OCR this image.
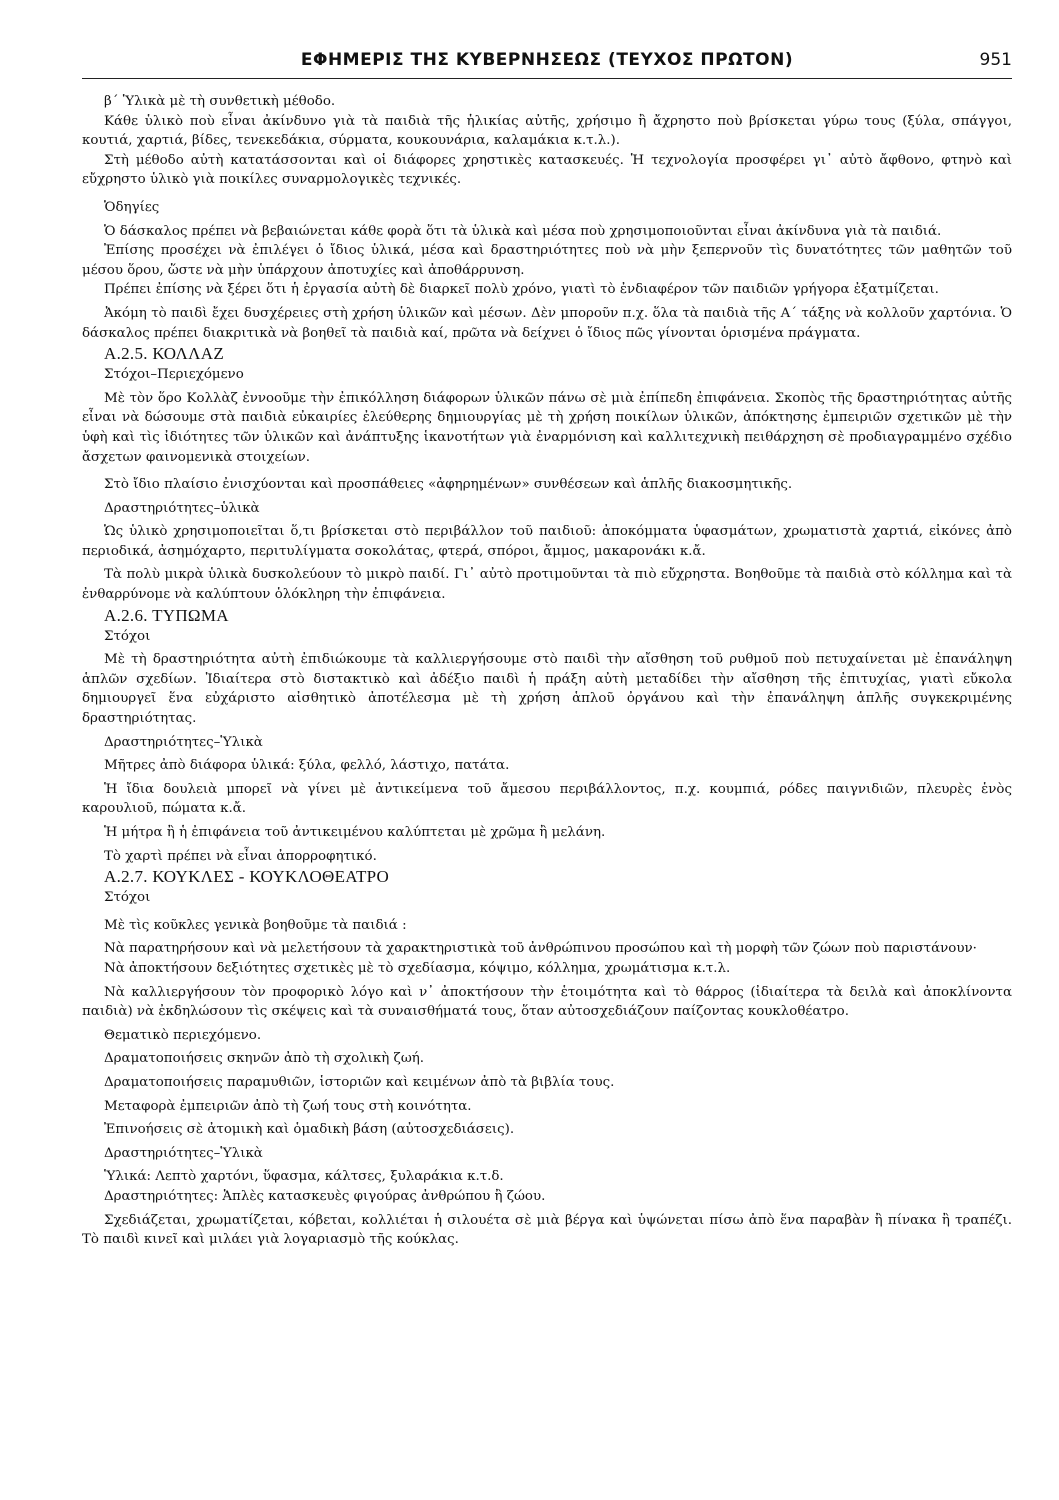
ΕΦΗΜΕΡΙΣ ΤΗΣ ΚΥΒΕΡΝΗΣΕΩΣ (ΤΕΥΧΟΣ ΠΡΩΤΟΝ)	951

β΄ Ὑλικὰ μὲ τὴ συνθετικὴ μέθοδο.

Κάθε ὑλικὸ ποὺ εἶναι ἀκίνδυνο γιὰ τὰ παιδιὰ τῆς ἡλικίας αὐτῆς, χρήσιμο ἢ ἄχρηστο ποὺ βρίσκεται γύρω τους (ξύλα, σπάγγοι, κουτιά, χαρτιά, βίδες, τενεκεδάκια, σύρματα, κουκουνάρια, καλαμάκια κ.τ.λ.).

Στὴ μέθοδο αὐτὴ κατατάσσονται καὶ οἱ διάφορες χρηστικὲς κατασκευές. Ἡ τεχνολογία προσφέρει γι᾿ αὐτὸ ἄφθονο, φτηνὸ καὶ εὔχρηστο ὑλικὸ γιὰ ποικίλες συναρμολογικὲς τεχνικές.

Ὁδηγίες

Ὁ δάσκαλος πρέπει νὰ βεβαιώνεται κάθε φορὰ ὅτι τὰ ὑλικὰ καὶ μέσα ποὺ χρησιμοποιοῦνται εἶναι ἀκίνδυνα γιὰ τὰ παιδιά.

Ἐπίσης προσέχει νὰ ἐπιλέγει ὁ ἴδιος ὑλικά, μέσα καὶ δραστηριότητες ποὺ νὰ μὴν ξεπερνοῦν τὶς δυνατότητες τῶν μαθητῶν τοῦ μέσου ὅρου, ὥστε νὰ μὴν ὑπάρχουν ἀποτυχίες καὶ ἀποθάρρυνση.

Πρέπει ἐπίσης νὰ ξέρει ὅτι ἡ ἐργασία αὐτὴ δὲ διαρκεῖ πολὺ χρόνο, γιατὶ τὸ ἐνδιαφέρον τῶν παιδιῶν γρήγορα ἐξατμίζεται.

Ἀκόμη τὸ παιδὶ ἔχει δυσχέρειες στὴ χρήση ὑλικῶν καὶ μέσων. Δὲν μποροῦν π.χ. ὅλα τὰ παιδιὰ τῆς Α΄ τάξης νὰ κολλοῦν χαρτόνια. Ὁ δάσκαλος πρέπει διακριτικὰ νὰ βοηθεῖ τὰ παιδιὰ καί, πρῶτα νὰ δείχνει ὁ ἴδιος πῶς γίνονται ὁρισμένα πράγματα.

Α.2.5. ΚΟΛΛΑΖ

Στόχοι–Περιεχόμενο

Μὲ τὸν ὅρο Κολλὰζ ἐννοοῦμε τὴν ἐπικόλληση διάφορων ὑλικῶν πάνω σὲ μιὰ ἐπίπεδη ἐπιφάνεια. Σκοπὸς τῆς δραστηριότητας αὐτῆς εἶναι νὰ δώσουμε στὰ παιδιὰ εὐκαιρίες ἐλεύθερης δημιουργίας μὲ τὴ χρήση ποικίλων ὑλικῶν, ἀπόκτησης ἐμπειριῶν σχετικῶν μὲ τὴν ὑφὴ καὶ τὶς ἰδιότητες τῶν ὑλικῶν καὶ ἀνάπτυξης ἱκανοτήτων γιὰ ἐναρμόνιση καὶ καλλιτεχνικὴ πειθάρχηση σὲ προδιαγραμμένο σχέδιο ἄσχετων φαινομενικὰ στοιχείων.

Στὸ ἴδιο πλαίσιο ἐνισχύονται καὶ προσπάθειες «ἀφηρημένων» συνθέσεων καὶ ἁπλῆς διακοσμητικῆς.

Δραστηριότητες–ὑλικὰ

Ὡς ὑλικὸ χρησιμοποιεῖται ὅ,τι βρίσκεται στὸ περιβάλλον τοῦ παιδιοῦ: ἀποκόμματα ὑφασμάτων, χρωματιστὰ χαρτιά, εἰκόνες ἀπὸ περιοδικά, ἀσημόχαρτο, περιτυλίγματα σοκολάτας, φτερά, σπόροι, ἄμμος, μακαρονάκι κ.ἄ.

Τὰ πολὺ μικρὰ ὑλικὰ δυσκολεύουν τὸ μικρὸ παιδί. Γι᾿ αὐτὸ προτιμοῦνται τὰ πιὸ εὔχρηστα. Βοηθοῦμε τὰ παιδιὰ στὸ κόλλημα καὶ τὰ ἐνθαρρύνομε νὰ καλύπτουν ὁλόκληρη τὴν ἐπιφάνεια.

Α.2.6. ΤΥΠΩΜΑ

Στόχοι

Μὲ τὴ δραστηριότητα αὐτὴ ἐπιδιώκουμε τὰ καλλιεργήσουμε στὸ παιδὶ τὴν αἴσθηση τοῦ ρυθμοῦ ποὺ πετυχαίνεται μὲ ἐπανάληψη ἁπλῶν σχεδίων. Ἰδιαίτερα στὸ διστακτικὸ καὶ ἀδέξιο παιδὶ ἡ πράξη αὐτὴ μεταδίδει τὴν αἴσθηση τῆς ἐπιτυχίας, γιατὶ εὔκολα δημιουργεῖ ἕνα εὐχάριστο αἰσθητικὸ ἀποτέλεσμα μὲ τὴ χρήση ἁπλοῦ ὀργάνου καὶ τὴν ἐπανάληψη ἁπλῆς συγκεκριμένης δραστηριότητας.

Δραστηριότητες–Ὑλικὰ

Μῆτρες ἀπὸ διάφορα ὑλικά: ξύλα, φελλό, λάστιχο, πατάτα.

Ἡ ἴδια δουλειὰ μπορεῖ νὰ γίνει μὲ ἀντικείμενα τοῦ ἄμεσου περιβάλλοντος, π.χ. κουμπιά, ρόδες παιγνιδιῶν, πλευρὲς ἑνὸς καρουλιοῦ, πώματα κ.ἄ.

Ἡ μήτρα ἢ ἡ ἐπιφάνεια τοῦ ἀντικειμένου καλύπτεται μὲ χρῶμα ἢ μελάνη.

Τὸ χαρτὶ πρέπει νὰ εἶναι ἀπορροφητικό.

Α.2.7. ΚΟΥΚΛΕΣ - ΚΟΥΚΛΟΘΕΑΤΡΟ

Στόχοι

Μὲ τὶς κοῦκλες γενικὰ βοηθοῦμε τὰ παιδιά :

Νὰ παρατηρήσουν καὶ νὰ μελετήσουν τὰ χαρακτηριστικὰ τοῦ ἀνθρώπινου προσώπου καὶ τὴ μορφὴ τῶν ζώων ποὺ παριστάνουν·

Νὰ ἀποκτήσουν δεξιότητες σχετικὲς μὲ τὸ σχεδίασμα, κόψιμο, κόλλημα, χρωμάτισμα κ.τ.λ.

Νὰ καλλιεργήσουν τὸν προφορικὸ λόγο καὶ ν᾿ ἀποκτήσουν τὴν ἑτοιμότητα καὶ τὸ θάρρος (ἰδιαίτερα τὰ δειλὰ καὶ ἀποκλίνοντα παιδιὰ) νὰ ἐκδηλώσουν τὶς σκέψεις καὶ τὰ συναισθήματά τους, ὅταν αὐτοσχεδιάζουν παίζοντας κουκλοθέατρο.

Θεματικὸ περιεχόμενο.

Δραματοποιήσεις σκηνῶν ἀπὸ τὴ σχολικὴ ζωή.

Δραματοποιήσεις παραμυθιῶν, ἱστοριῶν καὶ κειμένων ἀπὸ τὰ βιβλία τους.

Μεταφορὰ ἐμπειριῶν ἀπὸ τὴ ζωή τους στὴ κοινότητα.

Ἐπινοήσεις σὲ ἀτομικὴ καὶ ὁμαδικὴ βάση (αὐτοσχεδιάσεις).

Δραστηριότητες–Ὑλικὰ

Ὑλικά: Λεπτὸ χαρτόνι, ὕφασμα, κάλτσες, ξυλαράκια κ.τ.δ.

Δραστηριότητες: Ἁπλὲς κατασκευὲς φιγούρας ἀνθρώπου ἢ ζώου.

Σχεδιάζεται, χρωματίζεται, κόβεται, κολλιέται ἡ σιλουέτα σὲ μιὰ βέργα καὶ ὑψώνεται πίσω ἀπὸ ἕνα παραβὰν ἢ πίνακα ἢ τραπέζι. Τὸ παιδὶ κινεῖ καὶ μιλάει γιὰ λογαριασμὸ τῆς κούκλας.
